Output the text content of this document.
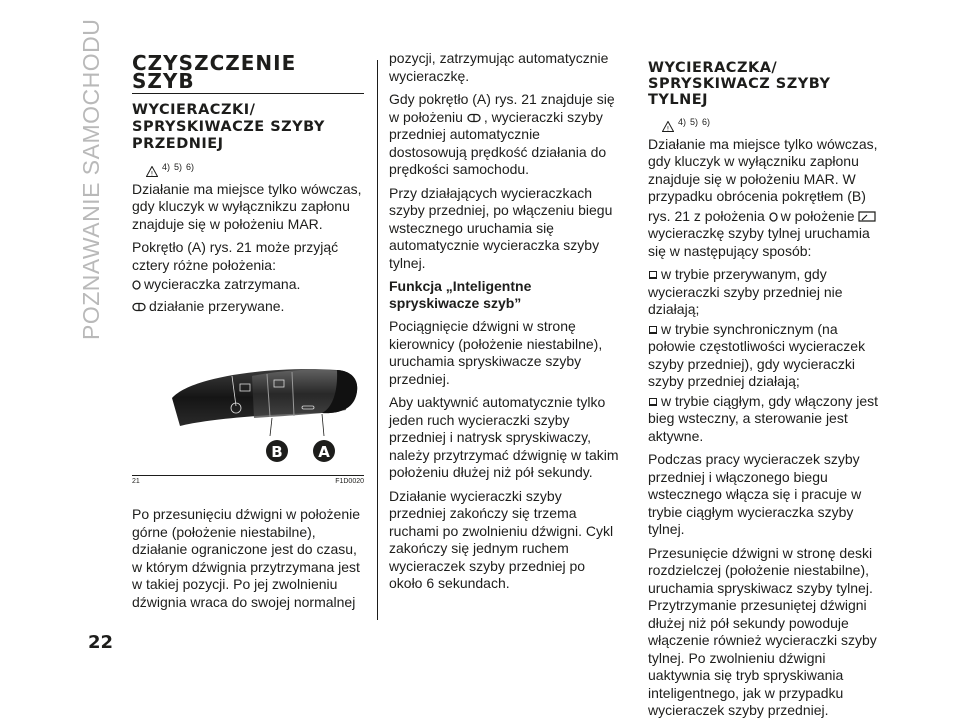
POZNAWANIE SAMOCHODU CZYSZCZENIE SZYB

WYCIERACZKI/ SPRYSKIWACZE SZYBY PRZEDNIEJ

!
4) 5) 6)

Działanie ma miejsce tylko wówczas, gdy kluczyk w wyłącznikzu zapłonu znajduje się w położeniu MAR.

Pokrętło (A) rys. 21 może przyjąć cztery różne położenia:

wycieraczka zatrzymana.
działanie przerywane.
B A
21	F1D0020

Po przesunięciu dźwigni w położenie górne (położenie niestabilne), działanie ograniczone jest do czasu, w którym dźwignia przytrzymana jest w takiej pozycji. Po jej zwolnieniu dźwignia wraca do swojej normalnej

pozycji, zatrzymując automatycznie wycieraczkę.

Gdy pokrętło (A) rys. 21 znajduje się w położeniu , wycieraczki szyby przedniej automatycznie dostosowują prędkość działania do prędkości samochodu.

Przy działających wycieraczkach szyby przedniej, po włączeniu biegu wstecznego uruchamia się automatycznie wycieraczka szyby tylnej.

Funkcja „Inteligentne spryskiwacze szyb”

Pociągnięcie dźwigni w stronę kierownicy (położenie niestabilne), uruchamia spryskiwacze szyby przedniej.

Aby uaktywnić automatycznie tylko jeden ruch wycieraczki szyby przedniej i natrysk spryskiwaczy, należy przytrzymać dźwignię w takim położeniu dłużej niż pół sekundy.

Działanie wycieraczki szyby przedniej zakończy się trzema ruchami po zwolnieniu dźwigni. Cykl zakończy się jednym ruchem wycieraczek szyby przedniej po około 6 sekundach.

WYCIERACZKA/ SPRYSKIWACZ SZYBY TYLNEJ

!
4) 5) 6)

Działanie ma miejsce tylko wówczas, gdy kluczyk w wyłączniku zapłonu znajduje się w położeniu MAR. W przypadku obrócenia pokrętłem (B)

rys. 21 z położenia w położenie wycieraczkę szyby tylnej uruchamia się w następujący sposób:

w trybie przerywanym, gdy wycieraczki szyby przedniej nie działają;

w trybie synchronicznym (na połowie częstotliwości wycieraczek szyby przedniej), gdy wycieraczki szyby przedniej działają;

w trybie ciągłym, gdy włączony jest bieg wsteczny, a sterowanie jest aktywne.

Podczas pracy wycieraczek szyby przedniej i włączonego biegu wstecznego włącza się i pracuje w trybie ciągłym wycieraczka szyby tylnej.

Przesunięcie dźwigni w stronę deski rozdzielczej (położenie niestabilne), uruchamia spryskiwacz szyby tylnej. Przytrzymanie przesuniętej dźwigni dłużej niż pół sekundy powoduje włączenie również wycieraczki szyby tylnej. Po zwolnieniu dźwigni uaktywnia się tryb spryskiwania inteligentnego, jak w przypadku wycieraczek szyby przedniej.

22
